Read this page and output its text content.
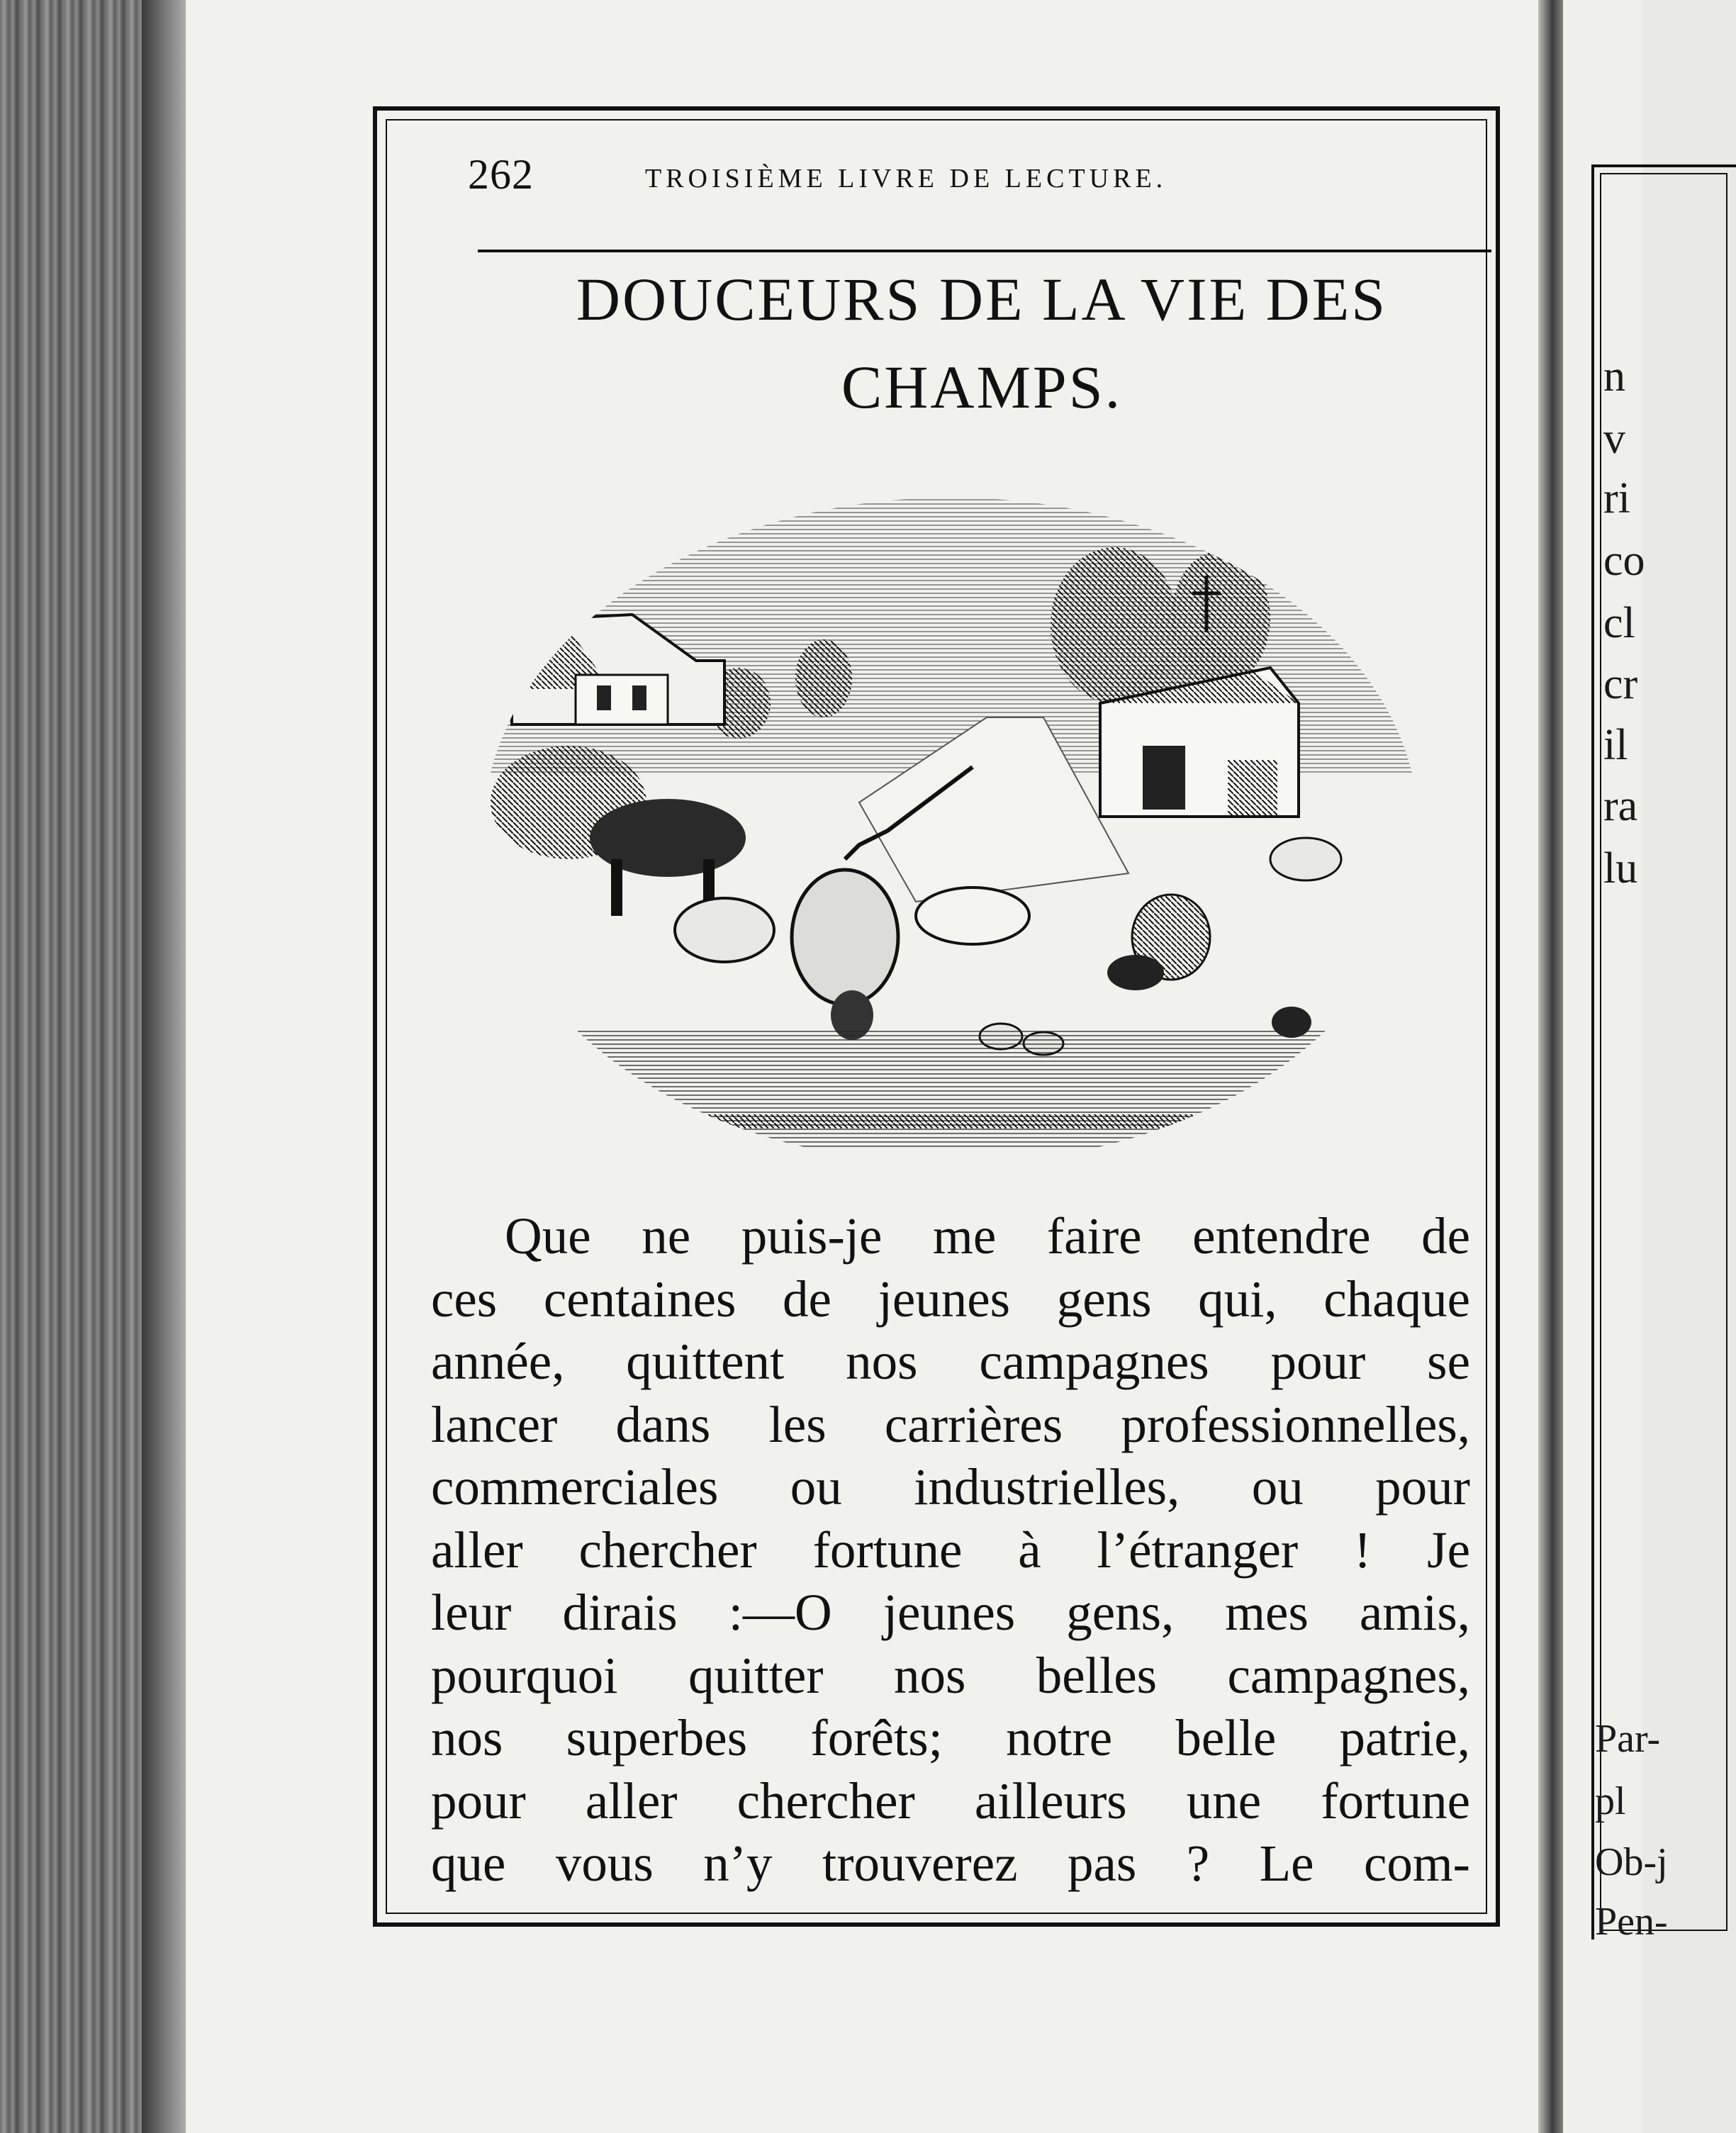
n
v
ri
co
cl
cr
il
ra
lu
Par-
pl
Ob-j
Pen-
262	TROISIÈME LIVRE DE LECTURE.
DOUCEURS DE LA VIE DES
CHAMPS.
Que ne puis-je me faire entendre de
ces centaines de jeunes gens qui, chaque
année, quittent nos campagnes pour se
lancer dans les carrières professionnelles,
commerciales ou industrielles, ou pour
aller chercher fortune à l’étranger ! Je
leur dirais :—O jeunes gens, mes amis,
pourquoi quitter nos belles campagnes,
nos superbes forêts; notre belle patrie,
pour aller chercher ailleurs une fortune
que vous n’y trouverez pas ? Le com-
